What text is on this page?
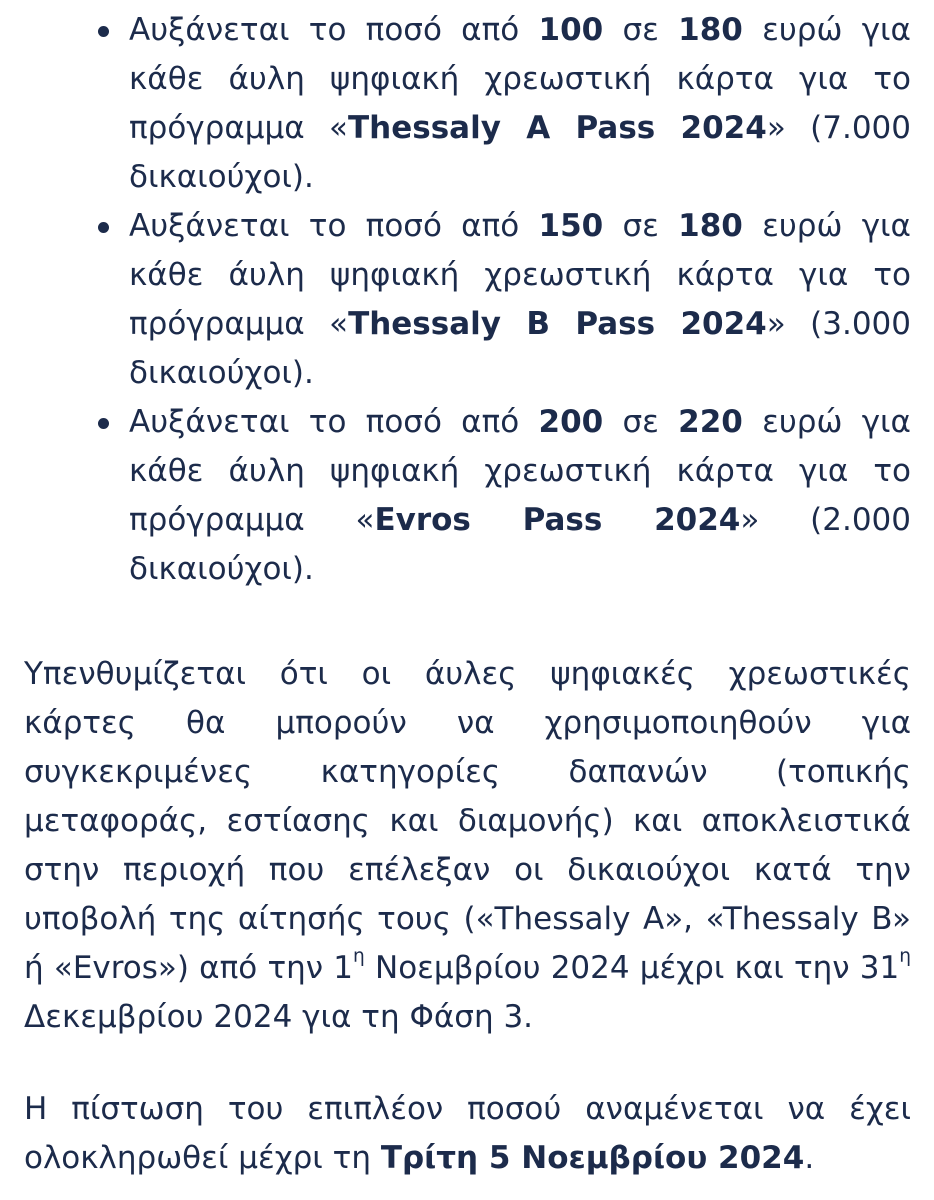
Αυξάνεται το ποσό από 100 σε 180 ευρώ για κάθε άυλη ψηφιακή χρεωστική κάρτα για το πρόγραμμα «Thessaly A Pass 2024» (7.000 δικαιούχοι).
Αυξάνεται το ποσό από 150 σε 180 ευρώ για κάθε άυλη ψηφιακή χρεωστική κάρτα για το πρόγραμμα «Thessaly B Pass 2024» (3.000 δικαιούχοι).
Αυξάνεται το ποσό από 200 σε 220 ευρώ για κάθε άυλη ψηφιακή χρεωστική κάρτα για το πρόγραμμα «Evros Pass 2024» (2.000 δικαιούχοι).

Υπενθυμίζεται ότι οι άυλες ψηφιακές χρεωστικές κάρτες θα μπορούν να χρησιμοποιηθούν για συγκεκριμένες κατηγορίες δαπανών (τοπικής μεταφοράς, εστίασης και διαμονής) και αποκλειστικά στην περιοχή που επέλεξαν οι δικαιούχοι κατά την υποβολή της αίτησής τους («Thessaly A», «Thessaly B» ή «Evros») από την $1^\eta$ Νοεμβρίου 2024 μέχρι και την $31^\eta$ Δεκεμβρίου 2024 για τη Φάση 3.

Η πίστωση του επιπλέον ποσού αναμένεται να έχει ολοκληρωθεί μέχρι τη Τρίτη 5 Νοεμβρίου 2024.
